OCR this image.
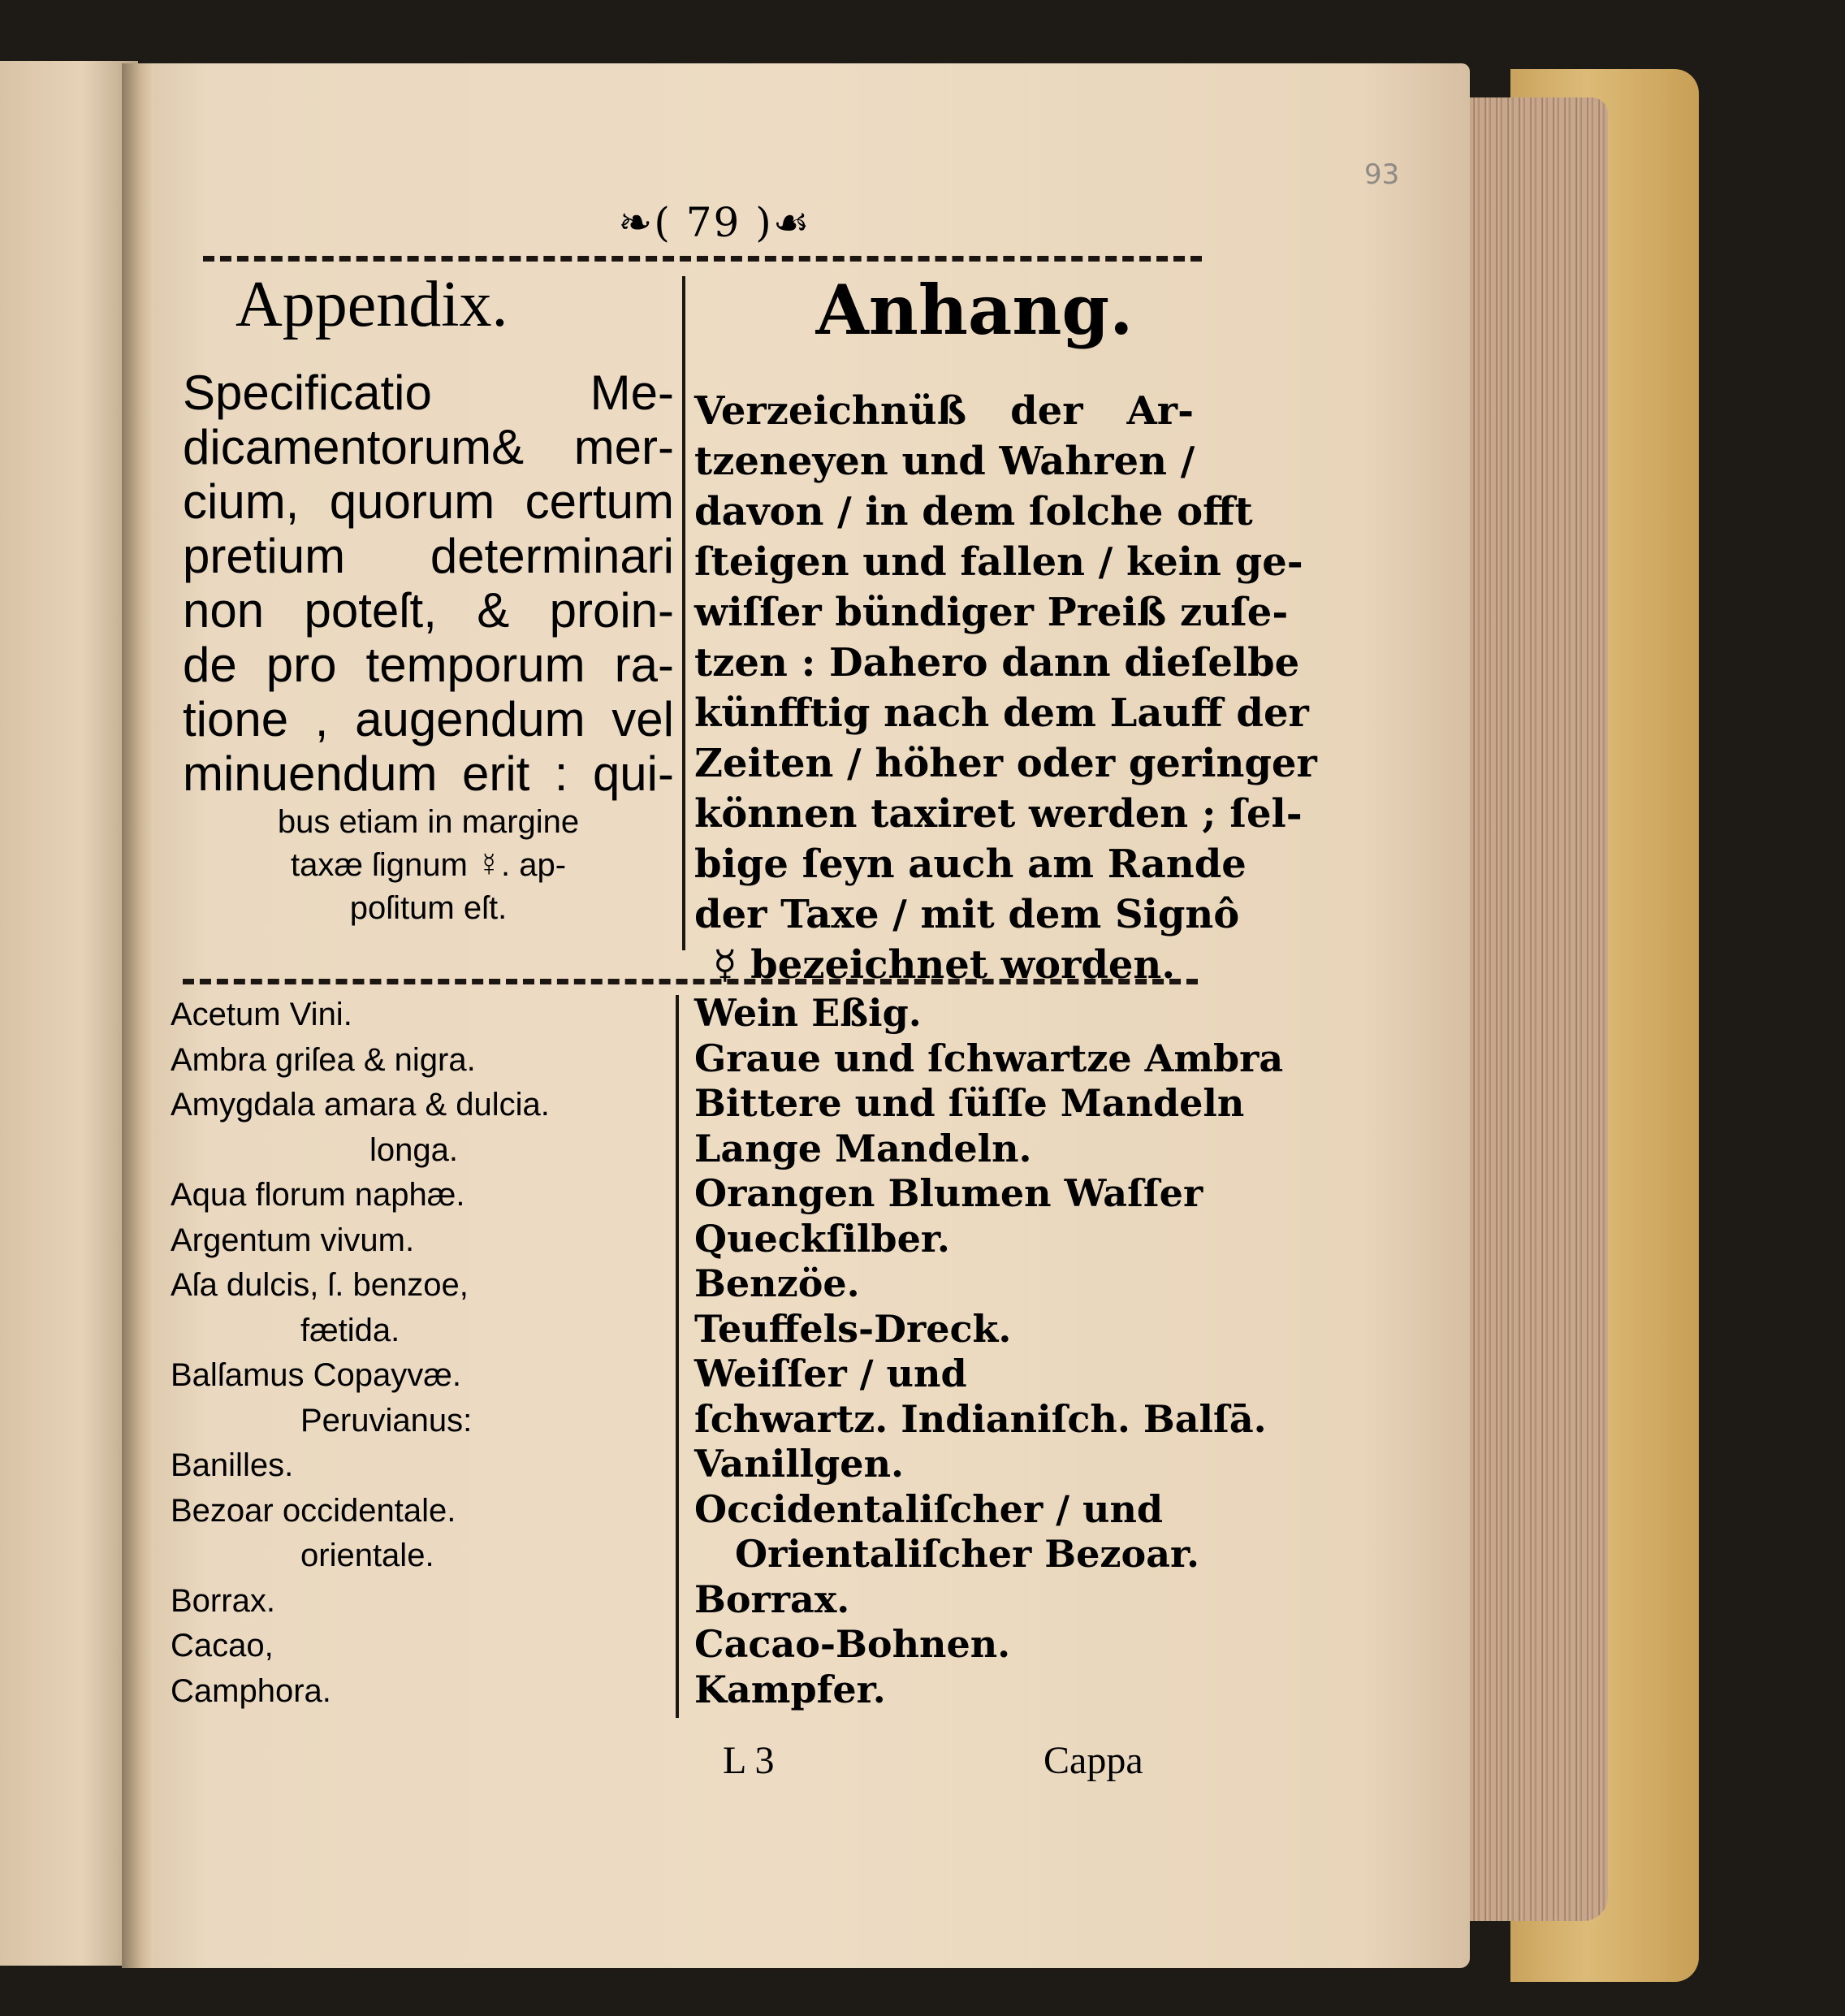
93
❧( 79 )☙
Appendix.	Anhang.
Specificatio Me-
dicamentorum& mer-
cium, quorum certum
pretium determinari
non poteſt, & proin-
de pro temporum ra-
tione , augendum vel
minuendum erit : qui-
bus etiam in margine
taxæ ſignum ☿. ap-
poſitum eſt.
Verzeichnüß der Ar-
tzeneyen und Wahren /
davon / in dem ſolche offt
ſteigen und fallen / kein ge-
wiſſer bündiger Preiß zuſe-
tzen : Dahero dann dieſelbe
künfftig nach dem Lauff der
Zeiten / höher oder geringer
können taxiret werden ; ſel-
bige ſeyn auch am Rande
der Taxe / mit dem Signô
☿ bezeichnet worden.
Acetum Vini.
Ambra griſea & nigra.
Amygdala amara & dulcia.
longa.
Aqua florum naphæ.
Argentum vivum.
Aſa dulcis, ſ. benzoe,
fætida.
Balſamus Copayvæ.
Peruvianus:
Banilles.
Bezoar occidentale.
orientale.
Borrax.
Cacao,
Camphora.
Wein Eßig.
Graue und ſchwartze Ambra
Bittere und ſüſſe Mandeln
Lange Mandeln.
Orangen Blumen Waſſer
Queckſilber.
Benzöe.
Teuffels-Dreck.
Weiſſer / und
ſchwartz. Indianiſch. Balſā.
Vanillgen.
Occidentaliſcher / und
Orientaliſcher Bezoar.
Borrax.
Cacao-Bohnen.
Kampfer.
L 3	Cappa
